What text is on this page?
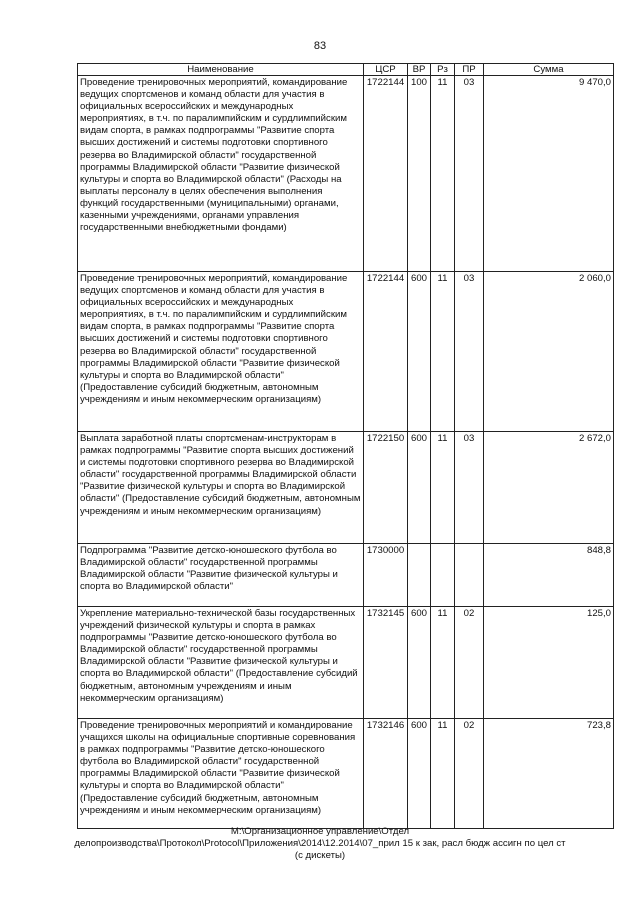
83
Наименование	ЦСР	ВР	Рз	ПР	Сумма
Проведение тренировочных мероприятий, командирование ведущих спортсменов и команд области для участия в официальных всероссийских и международных мероприятиях, в т.ч. по паралимпийским и сурдлимпийским видам спорта, в рамках подпрограммы "Развитие спорта высших достижений и системы подготовки спортивного резерва во Владимирской области" государственной программы Владимирской области "Развитие физической культуры и спорта во Владимирской области" (Расходы на выплаты персоналу в целях обеспечения выполнения функций государственными (муниципальными) органами, казенными учреждениями, органами управления государственными внебюджетными фондами)	1722144	100	11	03	9 470,0
Проведение тренировочных мероприятий, командирование ведущих спортсменов и команд области для участия в официальных всероссийских и международных мероприятиях, в т.ч. по паралимпийским и сурдлимпийским видам спорта, в рамках подпрограммы "Развитие спорта высших достижений и системы подготовки спортивного резерва во Владимирской области" государственной программы Владимирской области "Развитие физической культуры и спорта во Владимирской области" (Предоставление субсидий бюджетным, автономным учреждениям и иным некоммерческим организациям)	1722144	600	11	03	2 060,0
Выплата заработной платы спортсменам-инструкторам в рамках подпрограммы "Развитие спорта высших достижений и системы подготовки спортивного резерва во Владимирской области" государственной программы Владимирской области "Развитие физической культуры и спорта во Владимирской области" (Предоставление субсидий бюджетным, автономным учреждениям и иным некоммерческим организациям)	1722150	600	11	03	2 672,0
Подпрограмма "Развитие детско-юношеского футбола во Владимирской области" государственной программы Владимирской области "Развитие физической культуры и спорта во Владимирской области"	1730000				848,8
Укрепление материально-технической базы государственных учреждений физической культуры и спорта в рамках подпрограммы "Развитие детско-юношеского футбола во Владимирской области" государственной программы Владимирской области "Развитие физической культуры и спорта во Владимирской области" (Предоставление субсидий бюджетным, автономным учреждениям и иным некоммерческим организациям)	1732145	600	11	02	125,0
Проведение тренировочных мероприятий и командирование учащихся школы на официальные спортивные соревнования в рамках подпрограммы "Развитие детско-юношеского футбола во Владимирской области" государственной программы Владимирской области "Развитие физической культуры и спорта во Владимирской области" (Предоставление субсидий бюджетным, автономным учреждениям и иным некоммерческим организациям)	1732146	600	11	02	723,8
M:\Организационное управление\Отдел
делопроизводства\Протокол\Protocol\Приложения\2014\12.2014\07_прил 15 к зак, расл бюдж ассигн по цел ст
(с дискеты)
